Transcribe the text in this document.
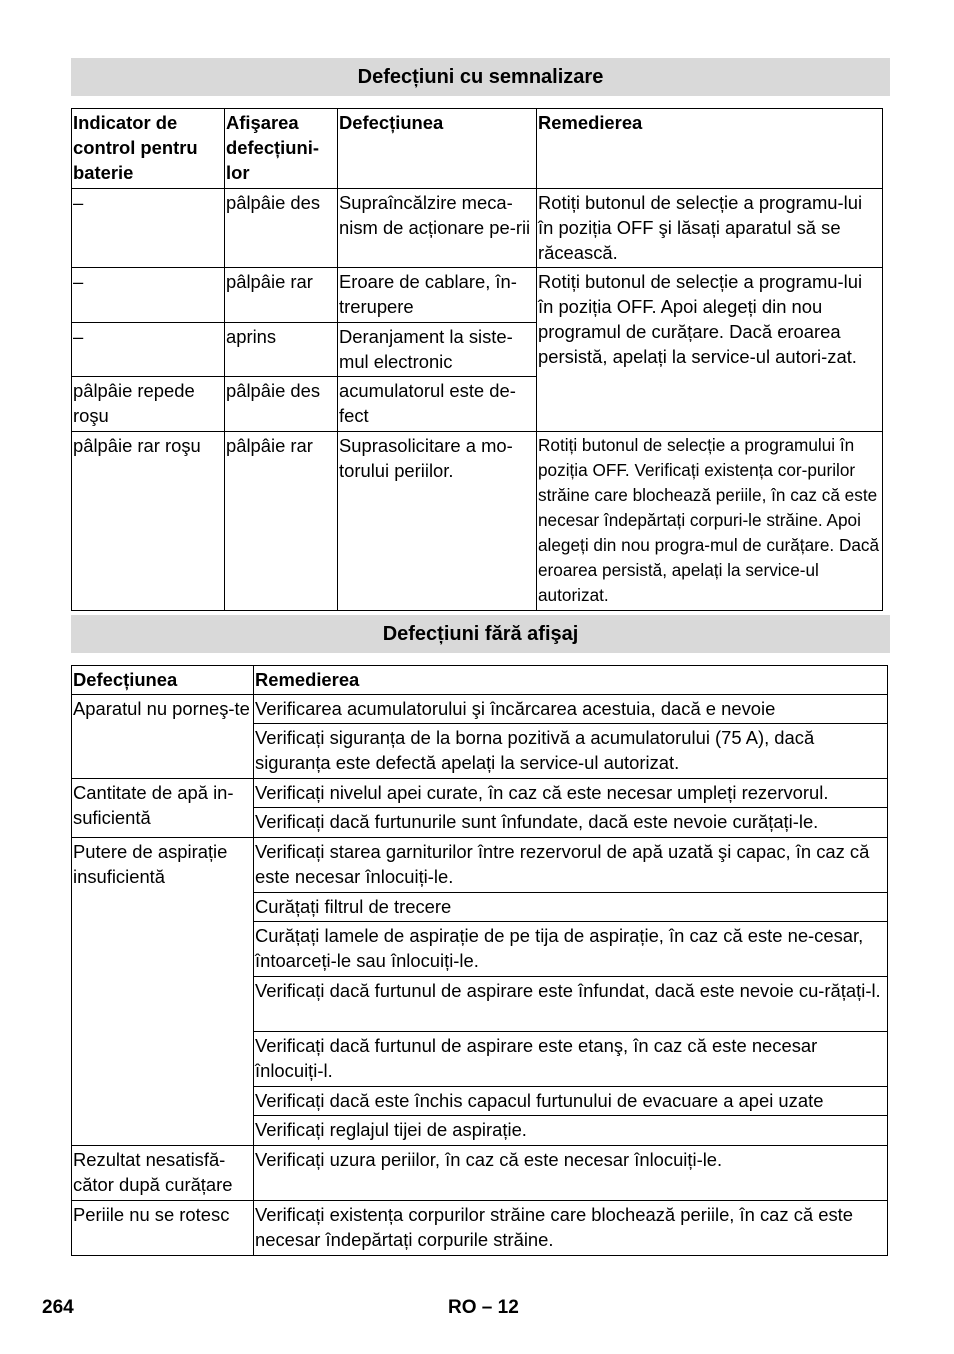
Defecțiuni cu semnalizare
Indicator de control pentru baterie	Afişarea defecțiuni-lor	Defecțiunea	Remedierea
–	pâlpâie des	Supraîncălzire meca-nism de acționare pe-rii	Rotiți butonul de selecție a programu-lui în poziția OFF şi lăsați aparatul să se răcească.
–	pâlpâie rar	Eroare de cablare, în-trerupere	Rotiți butonul de selecție a programu-lui în poziția OFF. Apoi alegeți din nou programul de curățare. Dacă eroarea persistă, apelați la service-ul autori-zat.
–	aprins	Deranjament la siste-mul electronic	
pâlpâie repede roşu	pâlpâie des	acumulatorul este de-fect	
pâlpâie rar roşu	pâlpâie rar	Suprasolicitare a mo-torului periilor.	Rotiți butonul de selecție a programului în poziția OFF. Verificați existența cor-purilor străine care blochează periile, în caz că este necesar îndepărtați corpuri-le străine. Apoi alegeți din nou progra-mul de curățare. Dacă eroarea persistă, apelați la service-ul autorizat.
Defecțiuni fără afişaj
Defecțiunea	Remedierea
Aparatul nu porneş-te	Verificarea acumulatorului şi încărcarea acestuia, dacă e nevoie
	Verificați siguranța de la borna pozitivă a acumulatorului (75 A), dacă siguranța este defectă apelați la service-ul autorizat.
Cantitate de apă in-suficientă	Verificați nivelul apei curate, în caz că este necesar umpleți rezervorul.
	Verificați dacă furtunurile sunt înfundate, dacă este nevoie curățați-le.
Putere de aspirație insuficientă	Verificați starea garniturilor între rezervorul de apă uzată şi capac, în caz că este necesar înlocuiți-le.
	Curățați filtrul de trecere
	Curățați lamele de aspirație de pe tija de aspirație, în caz că este ne-cesar, întoarceți-le sau înlocuiți-le.
	Verificați dacă furtunul de aspirare este înfundat, dacă este nevoie cu-rățați-l.
	Verificați dacă furtunul de aspirare este etanş, în caz că este necesar înlocuiți-l.
	Verificați dacă este închis capacul furtunului de evacuare a apei uzate
	Verificați reglajul tijei de aspirație.
Rezultat nesatisfă-cător după curățare	Verificați uzura periilor, în caz că este necesar înlocuiți-le.
Periile nu se rotesc	Verificați existența corpurilor străine care blochează periile, în caz că este necesar îndepărtați corpurile străine.
264	RO – 12
